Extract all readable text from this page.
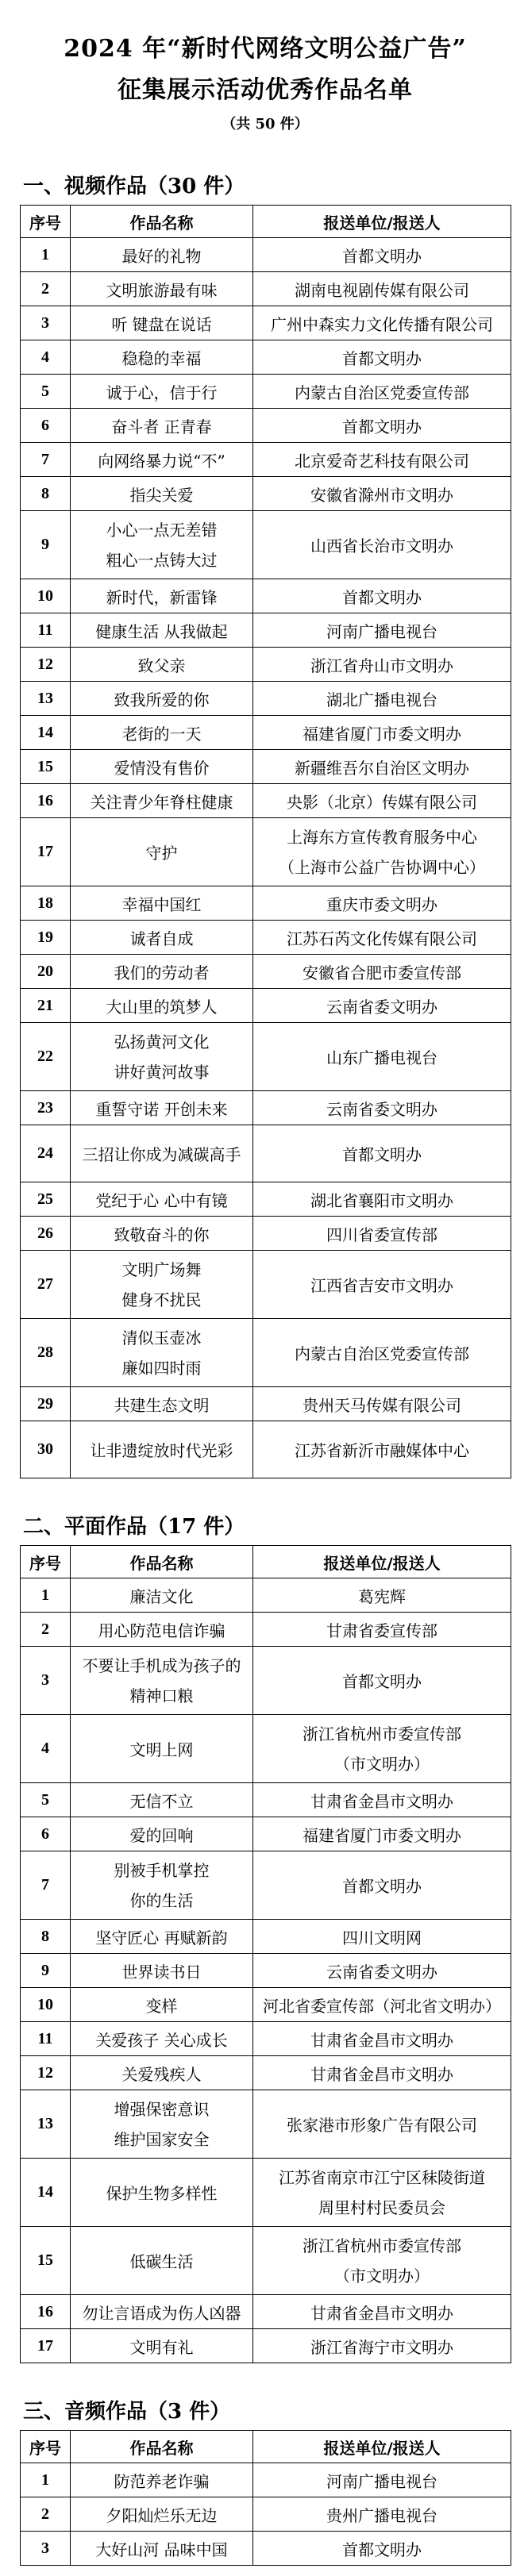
2024 年“新时代网络文明公益广告”
征集展示活动优秀作品名单
（共 50 件）
一、视频作品（30 件）
序号	作品名称	报送单位/报送人
1	最好的礼物	首都文明办
2	文明旅游最有味	湖南电视剧传媒有限公司
3	听 键盘在说话	广州中森实力文化传播有限公司
4	稳稳的幸福	首都文明办
5	诚于心，信于行	内蒙古自治区党委宣传部
6	奋斗者 正青春	首都文明办
7	向网络暴力说“不”	北京爱奇艺科技有限公司
8	指尖关爱	安徽省滁州市文明办
9	小心一点无差错
粗心一点铸大过	山西省长治市文明办
10	新时代，新雷锋	首都文明办
11	健康生活 从我做起	河南广播电视台
12	致父亲	浙江省舟山市文明办
13	致我所爱的你	湖北广播电视台
14	老街的一天	福建省厦门市委文明办
15	爱情没有售价	新疆维吾尔自治区文明办
16	关注青少年脊柱健康	央影（北京）传媒有限公司
17	守护	上海东方宣传教育服务中心
（上海市公益广告协调中心）

18	幸福中国红	重庆市委文明办
19	诚者自成	江苏石芮文化传媒有限公司
20	我们的劳动者	安徽省合肥市委宣传部
21	大山里的筑梦人	云南省委文明办
22	弘扬黄河文化
讲好黄河故事	山东广播电视台
23	重誓守诺 开创未来	云南省委文明办
24	三招让你成为减碳高手	首都文明办
25	党纪于心 心中有镜	湖北省襄阳市文明办
26	致敬奋斗的你	四川省委宣传部
27	文明广场舞
健身不扰民	江西省吉安市文明办
28	清似玉壶冰
廉如四时雨	内蒙古自治区党委宣传部
29	共建生态文明	贵州天马传媒有限公司
30	让非遗绽放时代光彩	江苏省新沂市融媒体中心
二、平面作品（17 件）
序号	作品名称	报送单位/报送人
1	廉洁文化	葛宪辉
2	用心防范电信诈骗	甘肃省委宣传部
3	不要让手机成为孩子的
精神口粮	首都文明办
4	文明上网	浙江省杭州市委宣传部
（市文明办）

5	无信不立	甘肃省金昌市文明办
6	爱的回响	福建省厦门市委文明办
7	别被手机掌控
你的生活	首都文明办
8	坚守匠心 再赋新韵	四川文明网
9	世界读书日	云南省委文明办
10	变样	河北省委宣传部（河北省文明办）
11	关爱孩子 关心成长	甘肃省金昌市文明办
12	关爱残疾人	甘肃省金昌市文明办
13	增强保密意识
维护国家安全	张家港市形象广告有限公司
14	保护生物多样性	江苏省南京市江宁区秣陵街道
周里村村民委员会

15	低碳生活	浙江省杭州市委宣传部
（市文明办）

16	勿让言语成为伤人凶器	甘肃省金昌市文明办
17	文明有礼	浙江省海宁市文明办
三、音频作品（3 件）
序号	作品名称	报送单位/报送人
1	防范养老诈骗	河南广播电视台
2	夕阳灿烂乐无边	贵州广播电视台
3	大好山河 品味中国	首都文明办
